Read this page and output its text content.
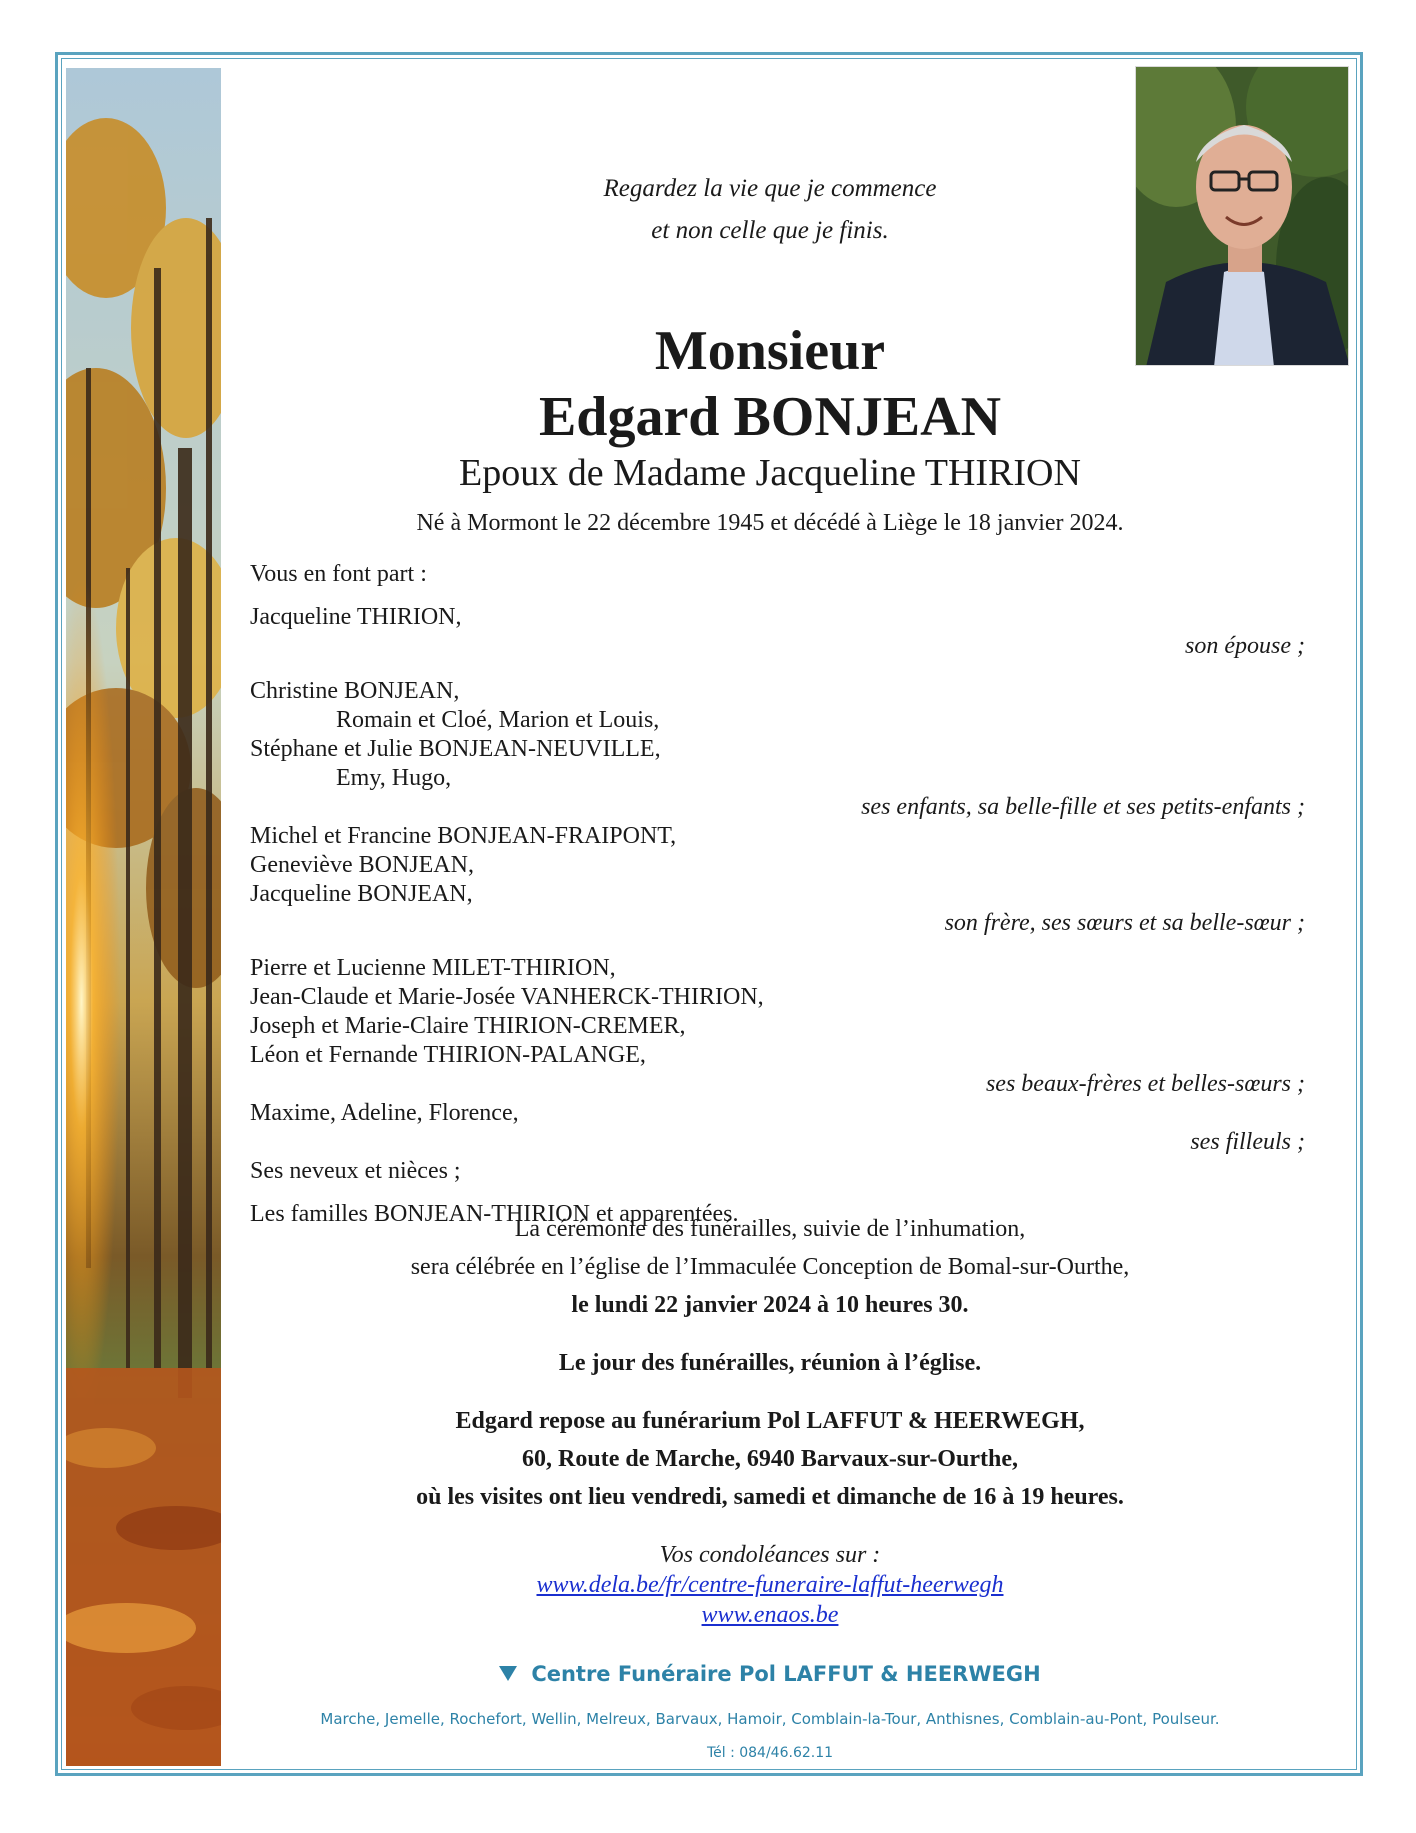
Regardez la vie que je commence
et non celle que je finis.
Monsieur
Edgard BONJEAN
Epoux de Madame Jacqueline THIRION
Né à Mormont le 22 décembre 1945 et décédé à Liège le 18 janvier 2024.
Vous en font part :
Jacqueline THIRION,
son épouse ;
Christine BONJEAN,
Romain et Cloé, Marion et Louis,
Stéphane et Julie BONJEAN-NEUVILLE,
Emy, Hugo,
ses enfants, sa belle-fille et ses petits-enfants ;
Michel et Francine BONJEAN-FRAIPONT,
Geneviève BONJEAN,
Jacqueline BONJEAN,
son frère, ses sœurs et sa belle-sœur ;
Pierre et Lucienne MILET-THIRION,
Jean-Claude et Marie-Josée VANHERCK-THIRION,
Joseph et Marie-Claire THIRION-CREMER,
Léon et Fernande THIRION-PALANGE,
ses beaux-frères et belles-sœurs ;
Maxime, Adeline, Florence,
ses filleuls ;
Ses neveux et nièces ;
Les familles BONJEAN-THIRION et apparentées.
La cérémonie des funérailles, suivie de l’inhumation,
sera célébrée en l’église de l’Immaculée Conception de Bomal-sur-Ourthe,
le lundi 22 janvier 2024 à 10 heures 30.
Le jour des funérailles, réunion à l’église.
Edgard repose au funérarium Pol LAFFUT & HEERWEGH,
60, Route de Marche, 6940 Barvaux-sur-Ourthe,
où les visites ont lieu vendredi, samedi et dimanche de 16 à 19 heures.
Vos condoléances sur :
www.dela.be/fr/centre-funeraire-laffut-heerwegh
www.enaos.be
Centre Funéraire Pol LAFFUT & HEERWEGH
Marche, Jemelle, Rochefort, Wellin, Melreux, Barvaux, Hamoir, Comblain-la-Tour, Anthisnes, Comblain-au-Pont, Poulseur.
Tél : 084/46.62.11
